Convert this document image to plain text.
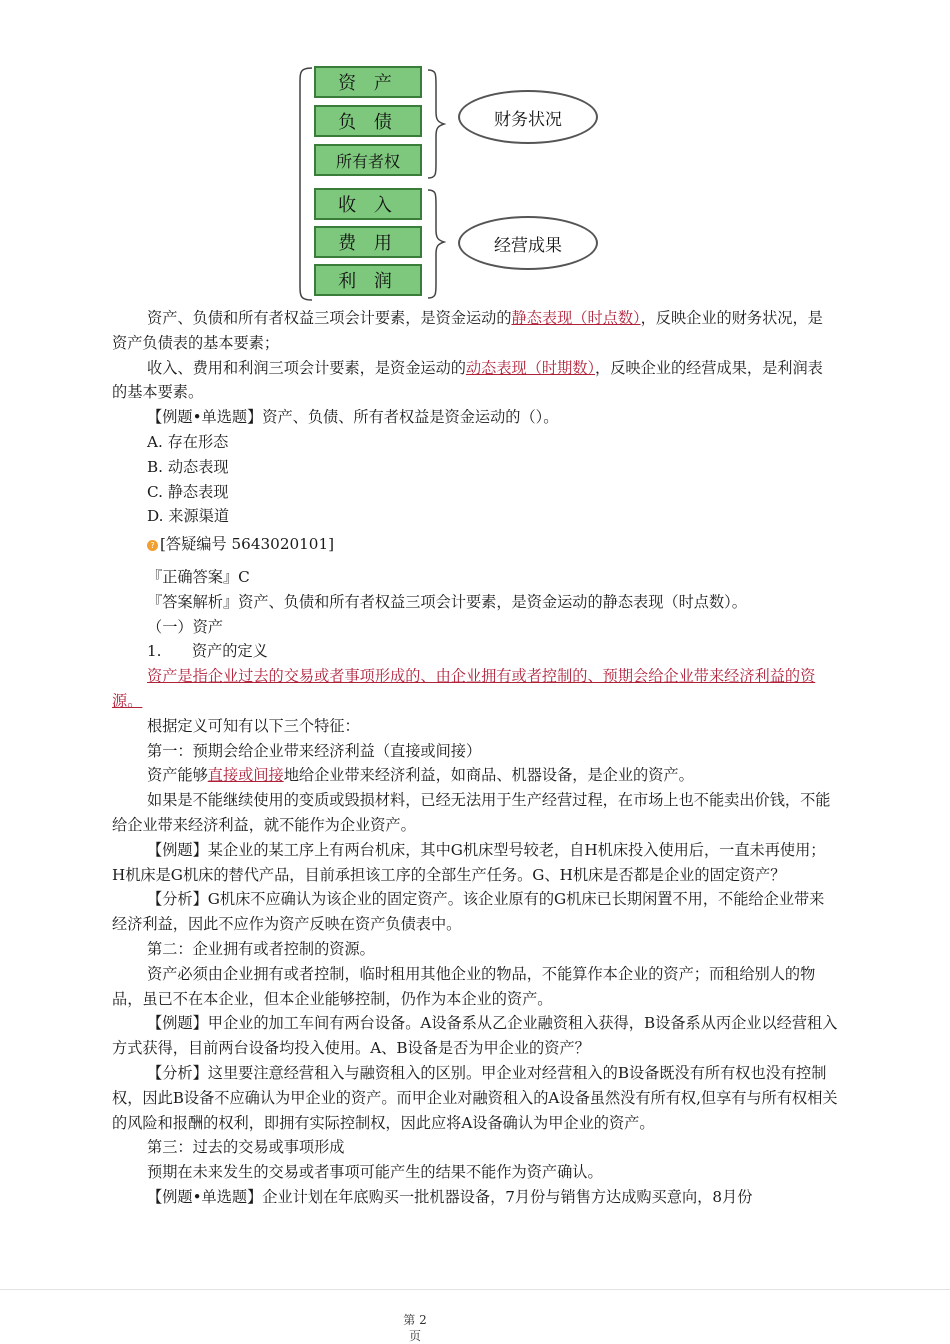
资 产
负 债
所有者权
收 入
费 用
利 润
财务状况
经营成果

资产、负债和所有者权益三项会计要素，是资金运动的静态表现（时点数），反映企业的财务状况，是资产负债表的基本要素；

收入、费用和利润三项会计要素，是资金运动的动态表现（时期数），反映企业的经营成果，是利润表的基本要素。

【例题•单选题】资产、负债、所有者权益是资金运动的（）。

A. 存在形态

B. 动态表现

C. 静态表现

D. 来源渠道

? [答疑编号 5643020101]

『正确答案』C

『答案解析』资产、负债和所有者权益三项会计要素，是资金运动的静态表现（时点数）。

（一）资产

1.　　资产的定义

资产是指企业过去的交易或者事项形成的、由企业拥有或者控制的、预期会给企业带来经济利益的资源。

根据定义可知有以下三个特征：

第一：预期会给企业带来经济利益（直接或间接）

资产能够直接或间接地给企业带来经济利益，如商品、机器设备，是企业的资产。

如果是不能继续使用的变质或毁损材料，已经无法用于生产经营过程，在市场上也不能卖出价钱，不能给企业带来经济利益，就不能作为企业资产。

【例题】某企业的某工序上有两台机床，其中G机床型号较老，自H机床投入使用后，一直未再使用；H机床是G机床的替代产品，目前承担该工序的全部生产任务。G、H机床是否都是企业的固定资产？

【分析】G机床不应确认为该企业的固定资产。该企业原有的G机床已长期闲置不用，不能给企业带来经济利益，因此不应作为资产反映在资产负债表中。

第二：企业拥有或者控制的资源。

资产必须由企业拥有或者控制，临时租用其他企业的物品，不能算作本企业的资产；而租给别人的物品，虽已不在本企业，但本企业能够控制，仍作为本企业的资产。

【例题】甲企业的加工车间有两台设备。A设备系从乙企业融资租入获得，B设备系从丙企业以经营租入方式获得，目前两台设备均投入使用。A、B设备是否为甲企业的资产？

【分析】这里要注意经营租入与融资租入的区别。甲企业对经营租入的B设备既没有所有权也没有控制权，因此B设备不应确认为甲企业的资产。而甲企业对融资租入的A设备虽然没有所有权,但享有与所有权相关的风险和报酬的权利，即拥有实际控制权，因此应将A设备确认为甲企业的资产。

第三：过去的交易或事项形成

预期在未来发生的交易或者事项可能产生的结果不能作为资产确认。

【例题•单选题】企业计划在年底购买一批机器设备，7月份与销售方达成购买意向，8月份

第 2
页
